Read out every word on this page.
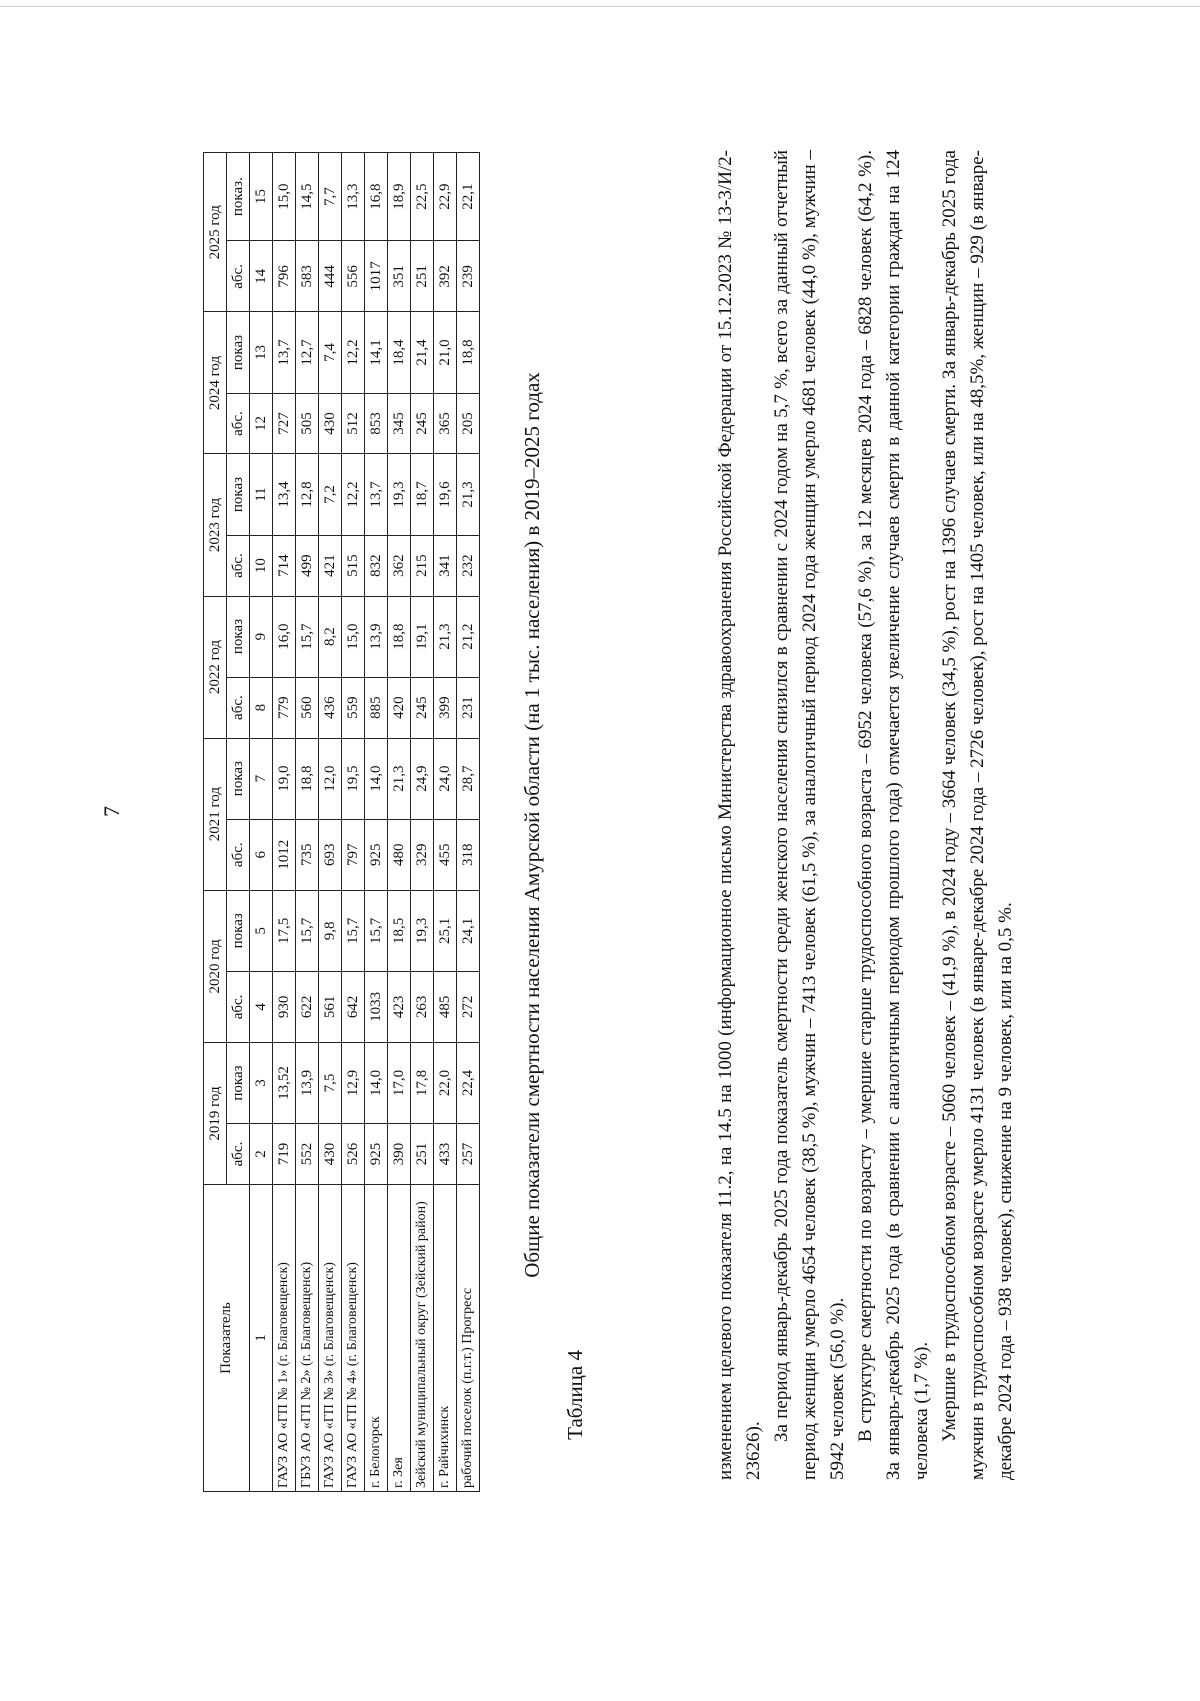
7	изменением целевого показателя 11.2, на 14.5 на 1000 (информационное письмо Министерства здравоохранения Российской Федерации от 15.12.2023 № 13-3/И/2-23626).

За период январь-декабрь 2025 года показатель смертности среди женского населения снизился в сравнении с 2024 годом на 5,7 %, всего за данный отчетный период женщин умерло 4654 человек (38,5 %), мужчин – 7413 человек (61,5 %), за аналогичный период 2024 года женщин умерло 4681 человек (44,0 %), мужчин – 5942 человек (56,0 %). В структуре смертности по возрасту – умершие старше трудоспособного возраста – 6952 человека (57,6 %), за 12 месяцев 2024 года – 6828 человек (64,2 %). За январь-декабрь 2025 года (в сравнении с аналогичным периодом прошлого года) отмечается увеличение случаев смерти в данной категории граждан на 124 человека (1,7 %). Умершие в трудоспособном возрасте – 5060 человек – (41,9 %), в 2024 году – 3664 человек (34,5 %), рост на 1396 случаев смерти. За январь-декабрь 2025 года мужчин в трудоспособном возрасте умерло 4131 человек (в январе-декабре 2024 года – 2726 человек), рост на 1405 человек, или на 48,5%, женщин – 929 (в январе-декабре 2024 года – 938 человек), снижение на 9 человек, или на 0,5 %.

Таблица 4
Общие показатели смертности населения Амурской области (на 1 тыс. населения) в 2019–2025 годах
Показатель	2019 год		2020 год		2021 год		2022 год		2023 год		2024 год		2025 год	
	абс.	показ	абс.	показ	абс.	показ	абс.	показ	абс.	показ	абс.	показ	абс.	показ.
1	2	3	4	5	6	7	8	9	10	11	12	13	14	15
ГАУЗ АО «ГП № 1» (г. Благовещенск)	719	13,52	930	17,5	1012	19,0	779	16,0	714	13,4	727	13,7	796	15,0
ГБУЗ АО «ГП № 2» (г. Благовещенск)	552	13,9	622	15,7	735	18,8	560	15,7	499	12,8	505	12,7	583	14,5
ГАУЗ АО «ГП № 3» (г. Благовещенск)	430	7,5	561	9,8	693	12,0	436	8,2	421	7,2	430	7,4	444	7,7
ГАУЗ АО «ГП № 4» (г. Благовещенск)	526	12,9	642	15,7	797	19,5	559	15,0	515	12,2	512	12,2	556	13,3
г. Белогорск	925	14,0	1033	15,7	925	14,0	885	13,9	832	13,7	853	14,1	1017	16,8
г. Зея	390	17,0	423	18,5	480	21,3	420	18,8	362	19,3	345	18,4	351	18,9
Зейский муниципальный округ (Зейский район)	251	17,8	263	19,3	329	24,9	245	19,1	215	18,7	245	21,4	251	22,5
г. Райчихинск	433	22,0	485	25,1	455	24,0	399	21,3	341	19,6	365	21,0	392	22,9
рабочий поселок (п.г.т.) Прогресс	257	22,4	272	24,1	318	28,7	231	21,2	232	21,3	205	18,8	239	22,1
